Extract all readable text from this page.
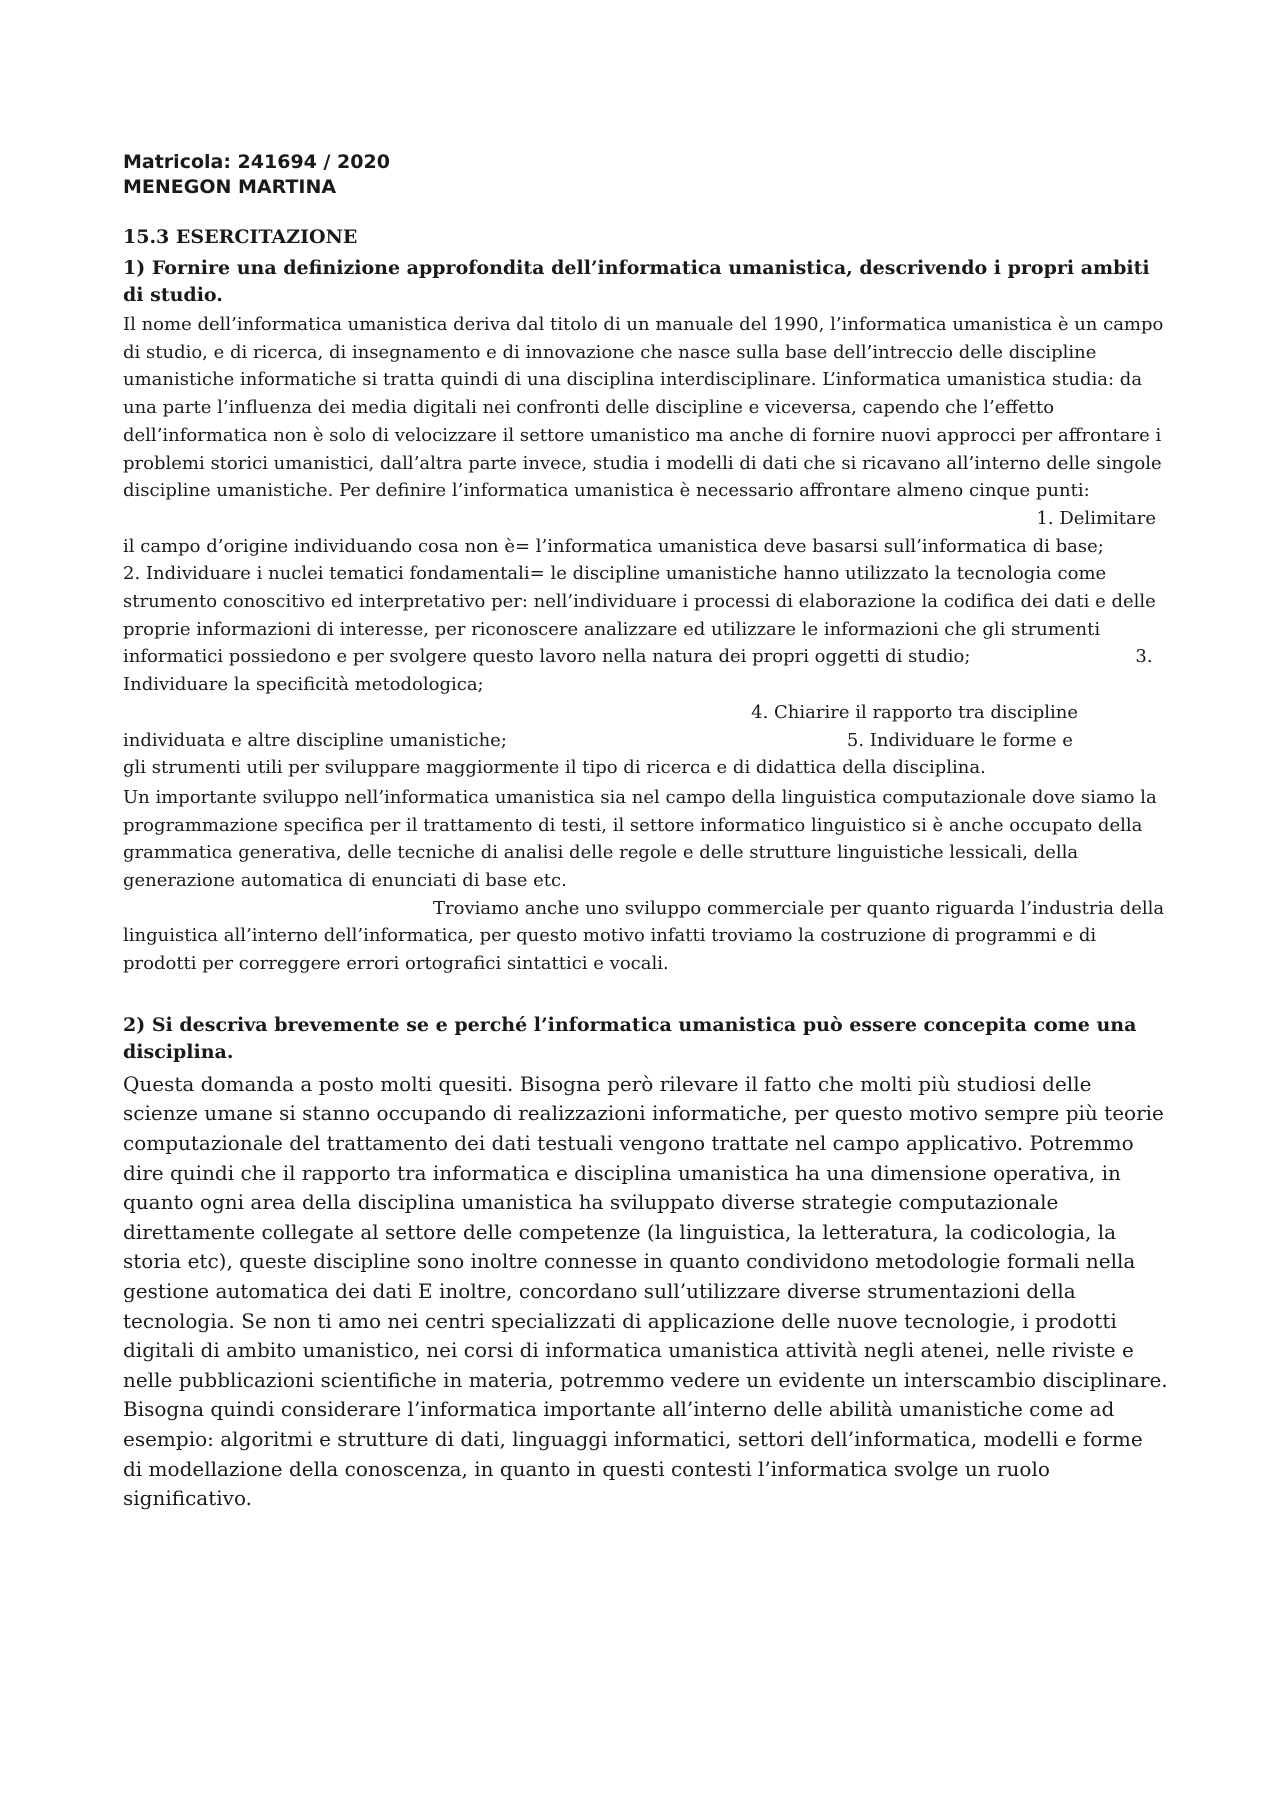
Matricola: 241694 / 2020

MENEGON MARTINA

15.3 ESERCITAZIONE
1) Fornire una definizione approfondita dell’informatica umanistica, descrivendo i propri ambiti di studio.

Il nome dell’informatica umanistica deriva dal titolo di un manuale del 1990, l’informatica umanistica è un campo di studio, e di ricerca, di insegnamento e di innovazione che nasce sulla base dell’intreccio delle discipline umanistiche informatiche si tratta quindi di una disciplina interdisciplinare. L’informatica umanistica studia: da una parte l’influenza dei media digitali nei confronti delle discipline e viceversa, capendo che l’effetto dell’informatica non è solo di velocizzare il settore umanistico ma anche di fornire nuovi approcci per affrontare i problemi storici umanistici, dall’altra parte invece, studia i modelli di dati che si ricavano all’interno delle singole discipline umanistiche. Per definire l’informatica umanistica è necessario affrontare almeno cinque punti:

1. Delimitare

il campo d’origine individuando cosa non è= l’informatica umanistica deve basarsi sull’informatica di base;

2. Individuare i nuclei tematici fondamentali= le discipline umanistiche hanno utilizzato la tecnologia come strumento conoscitivo ed interpretativo per: nell’individuare i processi di elaborazione la codifica dei dati e delle proprie informazioni di interesse, per riconoscere analizzare ed utilizzare le informazioni che gli strumenti informatici possiedono e per svolgere questo lavoro nella natura dei propri oggetti di studio;	3. Individuare la specificità metodologica;

4. Chiarire il rapporto tra discipline

individuata e altre discipline umanistiche;	5. Individuare le forme e

gli strumenti utili per sviluppare maggiormente il tipo di ricerca e di didattica della disciplina.

Un importante sviluppo nell’informatica umanistica sia nel campo della linguistica computazionale dove siamo la programmazione specifica per il trattamento di testi, il settore informatico linguistico si è anche occupato della grammatica generativa, delle tecniche di analisi delle regole e delle strutture linguistiche lessicali, della generazione automatica di enunciati di base etc.

Troviamo anche uno sviluppo commerciale per quanto riguarda l’industria della linguistica all’interno dell’informatica, per questo motivo infatti troviamo la costruzione di programmi e di prodotti per correggere errori ortografici sintattici e vocali.

2) Si descriva brevemente se e perché l’informatica umanistica può essere concepita come una disciplina.

Questa domanda a posto molti quesiti. Bisogna però rilevare il fatto che molti più studiosi delle scienze umane si stanno occupando di realizzazioni informatiche, per questo motivo sempre più teorie computazionale del trattamento dei dati testuali vengono trattate nel campo applicativo. Potremmo dire quindi che il rapporto tra informatica e disciplina umanistica ha una dimensione operativa, in quanto ogni area della disciplina umanistica ha sviluppato diverse strategie computazionale direttamente collegate al settore delle competenze (la linguistica, la letteratura, la codicologia, la storia etc), queste discipline sono inoltre connesse in quanto condividono metodologie formali nella gestione automatica dei dati E inoltre, concordano sull’utilizzare diverse strumentazioni della tecnologia. Se non ti amo nei centri specializzati di applicazione delle nuove tecnologie, i prodotti digitali di ambito umanistico, nei corsi di informatica umanistica attività negli atenei, nelle riviste e nelle pubblicazioni scientifiche in materia, potremmo vedere un evidente un interscambio disciplinare. Bisogna quindi considerare l’informatica importante all’interno delle abilità umanistiche come ad esempio: algoritmi e strutture di dati, linguaggi informatici, settori dell’informatica, modelli e forme di modellazione della conoscenza, in quanto in questi contesti l’informatica svolge un ruolo significativo.
